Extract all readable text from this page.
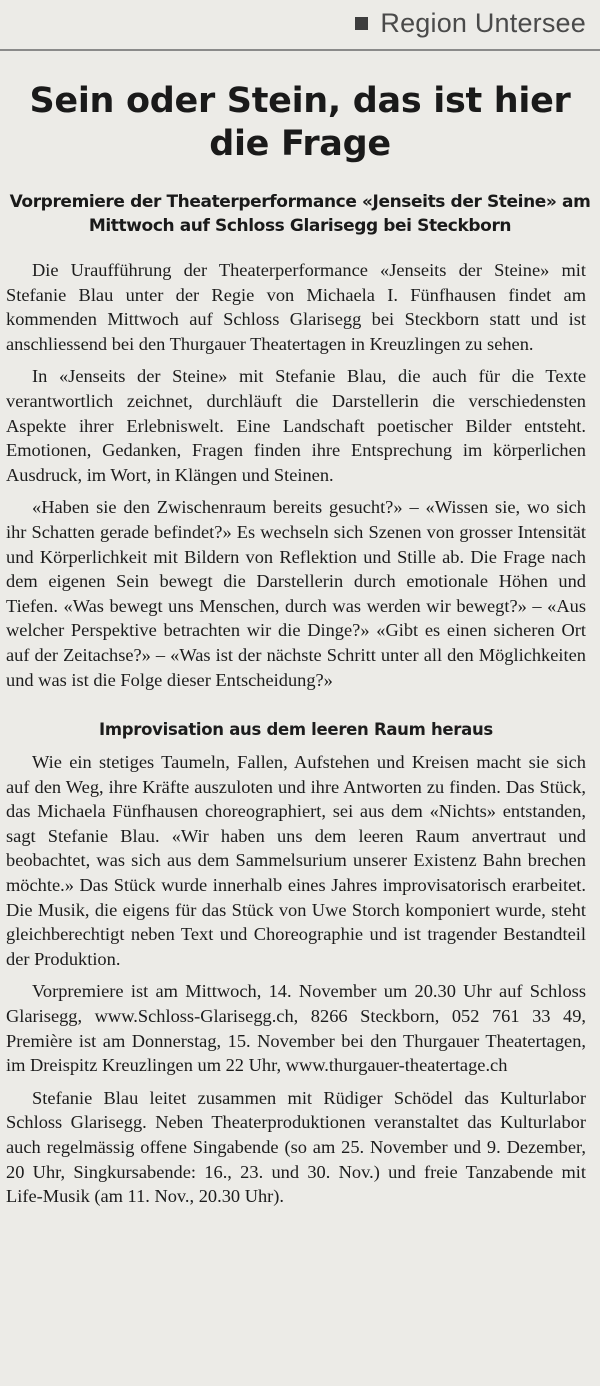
Region Untersee
Sein oder Stein, das ist hier die Frage
Vorpremiere der Theaterperformance «Jenseits der Steine» am Mittwoch auf Schloss Glarisegg bei Steckborn

Die Uraufführung der Theaterperformance «Jenseits der Steine» mit Stefanie Blau unter der Regie von Michaela I. Fünfhausen findet am kommenden Mittwoch auf Schloss Glarisegg bei Steckborn statt und ist anschliessend bei den Thurgauer Theatertagen in Kreuzlingen zu sehen.

In «Jenseits der Steine» mit Stefanie Blau, die auch für die Texte verantwortlich zeichnet, durchläuft die Darstellerin die verschiedensten Aspekte ihrer Erlebniswelt. Eine Landschaft poetischer Bilder entsteht. Emotionen, Gedanken, Fragen finden ihre Entsprechung im körperlichen Ausdruck, im Wort, in Klängen und Steinen.

«Haben sie den Zwischenraum bereits gesucht?» – «Wissen sie, wo sich ihr Schatten gerade befindet?» Es wechseln sich Szenen von grosser Intensität und Körperlichkeit mit Bildern von Reflektion und Stille ab. Die Frage nach dem eigenen Sein bewegt die Darstellerin durch emotionale Höhen und Tiefen. «Was bewegt uns Menschen, durch was werden wir bewegt?» – «Aus welcher Perspektive betrachten wir die Dinge?» «Gibt es einen sicheren Ort auf der Zeitachse?» – «Was ist der nächste Schritt unter all den Möglichkeiten und was ist die Folge dieser Entscheidung?»

Improvisation aus dem leeren Raum heraus

Wie ein stetiges Taumeln, Fallen, Aufstehen und Kreisen macht sie sich auf den Weg, ihre Kräfte auszuloten und ihre Antworten zu finden. Das Stück, das Michaela Fünfhausen choreographiert, sei aus dem «Nichts» entstanden, sagt Stefanie Blau. «Wir haben uns dem leeren Raum anvertraut und beobachtet, was sich aus dem Sammelsurium unserer Existenz Bahn brechen möchte.» Das Stück wurde innerhalb eines Jahres improvisatorisch erarbeitet. Die Musik, die eigens für das Stück von Uwe Storch komponiert wurde, steht gleichberechtigt neben Text und Choreographie und ist tragender Bestandteil der Produktion.

Vorpremiere ist am Mittwoch, 14. November um 20.30 Uhr auf Schloss Glarisegg, www.Schloss-Glarisegg.ch, 8266 Steckborn, 052 761 33 49, Première ist am Donnerstag, 15. November bei den Thurgauer Theatertagen, im Dreispitz Kreuzlingen um 22 Uhr, www.thurgauer-theatertage.ch

Stefanie Blau leitet zusammen mit Rüdiger Schödel das Kulturlabor Schloss Glarisegg. Neben Theaterproduktionen veranstaltet das Kulturlabor auch regelmässig offene Singabende (so am 25. November und 9. Dezember, 20 Uhr, Singkursabende: 16., 23. und 30. Nov.) und freie Tanzabende mit Life-Musik (am 11. Nov., 20.30 Uhr).
